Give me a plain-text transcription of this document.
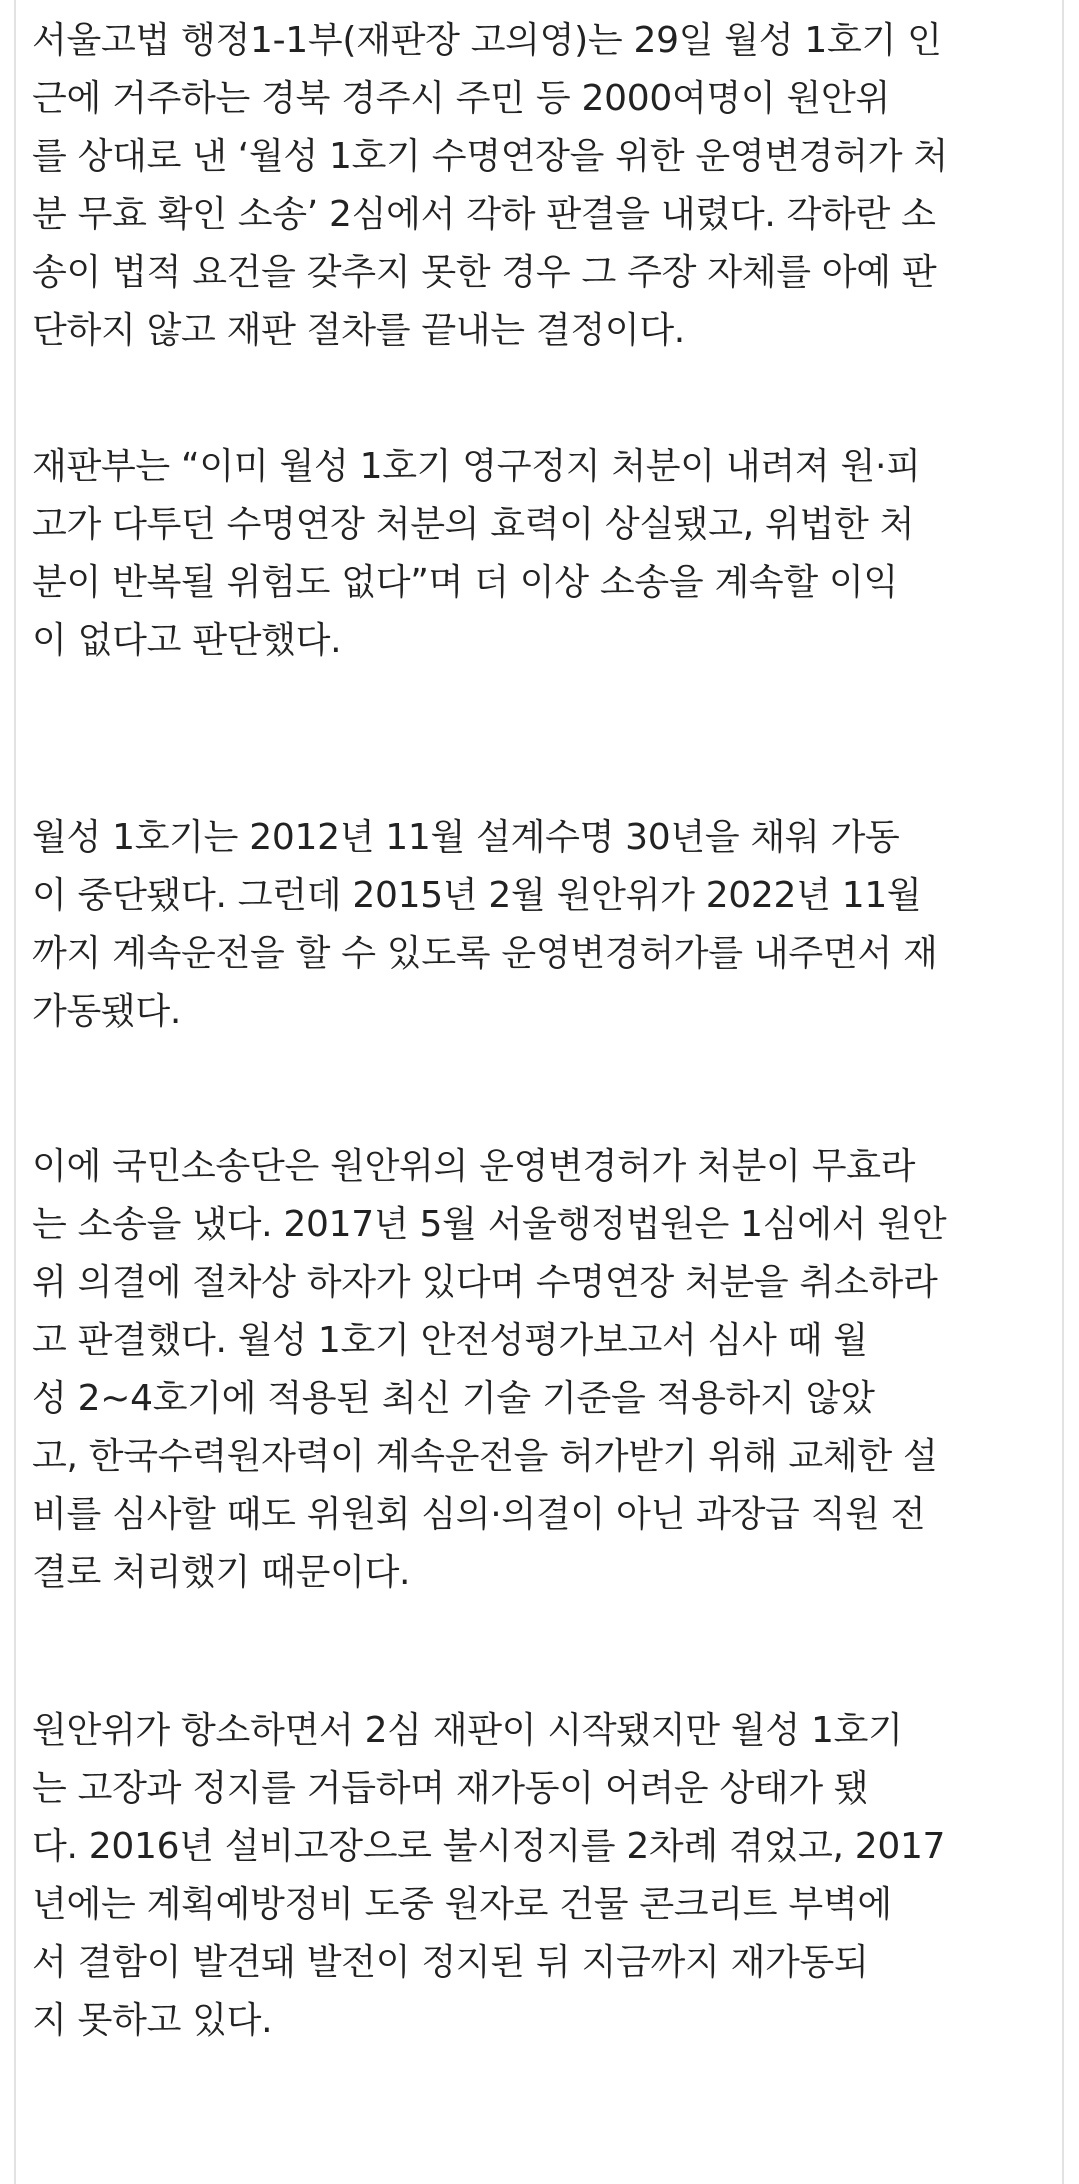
서울고법 행정1-1부(재판장 고의영)는 29일 월성 1호기 인
근에 거주하는 경북 경주시 주민 등 2000여명이 원안위
를 상대로 낸 ‘월성 1호기 수명연장을 위한 운영변경허가 처
분 무효 확인 소송’ 2심에서 각하 판결을 내렸다. 각하란 소
송이 법적 요건을 갖추지 못한 경우 그 주장 자체를 아예 판
단하지 않고 재판 절차를 끝내는 결정이다.
재판부는 “이미 월성 1호기 영구정지 처분이 내려져 원·피
고가 다투던 수명연장 처분의 효력이 상실됐고, 위법한 처
분이 반복될 위험도 없다”며 더 이상 소송을 계속할 이익
이 없다고 판단했다.
월성 1호기는 2012년 11월 설계수명 30년을 채워 가동
이 중단됐다. 그런데 2015년 2월 원안위가 2022년 11월
까지 계속운전을 할 수 있도록 운영변경허가를 내주면서 재
가동됐다.
이에 국민소송단은 원안위의 운영변경허가 처분이 무효라
는 소송을 냈다. 2017년 5월 서울행정법원은 1심에서 원안
위 의결에 절차상 하자가 있다며 수명연장 처분을 취소하라
고 판결했다. 월성 1호기 안전성평가보고서 심사 때 월
성 2~4호기에 적용된 최신 기술 기준을 적용하지 않았
고, 한국수력원자력이 계속운전을 허가받기 위해 교체한 설
비를 심사할 때도 위원회 심의·의결이 아닌 과장급 직원 전
결로 처리했기 때문이다.
원안위가 항소하면서 2심 재판이 시작됐지만 월성 1호기
는 고장과 정지를 거듭하며 재가동이 어려운 상태가 됐
다. 2016년 설비고장으로 불시정지를 2차례 겪었고, 2017
년에는 계획예방정비 도중 원자로 건물 콘크리트 부벽에
서 결함이 발견돼 발전이 정지된 뒤 지금까지 재가동되
지 못하고 있다.
